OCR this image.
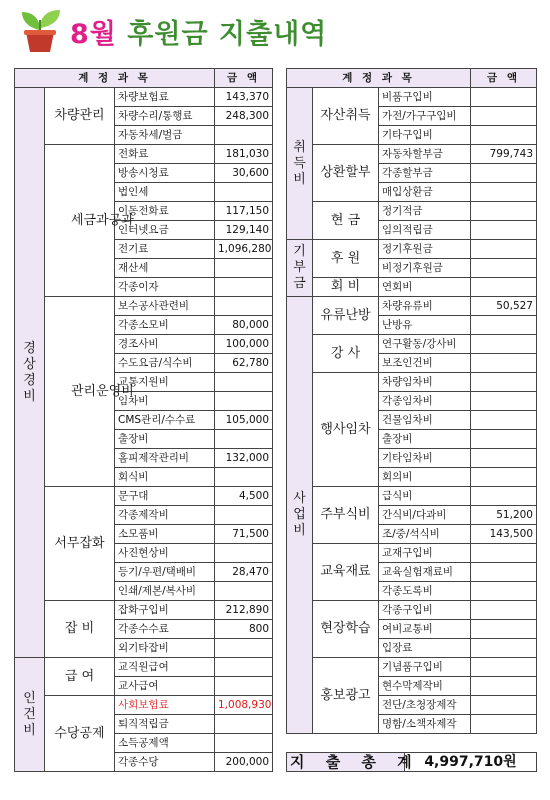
8월 후원금 지출내역
계 정 과 목			금 액
경상경비	차량관리	차량보험료	143,370
		차량수리/통행료	248,300
		자동차세/벌금	
	세금과공과	전화료	181,030
		방송시청료	30,600
		법인세	
		이동전화료	117,150
		인터넷요금	129,140
		전기료	1,096,280
		재산세	
		각종이자	
	관리운영비	보수공사관련비	
		각종소모비	80,000
		경조사비	100,000
		수도요금/식수비	62,780
		교통지원비	
		임차비	
		CMS관리/수수료	105,000
		출장비	
		홈피제작관리비	132,000
		회식비	
	서무잡화	문구대	4,500
		각종제작비	
		소모품비	71,500
		사진현상비	
		등기/우편/택배비	28,470
		인쇄/제본/복사비	
	잡 비	잡화구입비	212,890
		각종수수료	800
		외기타잡비	
인건비	급 여	교직원급여	
		교사급여	
	수당공제	사회보험료	1,008,930
		퇴직적립금	
		소득공제액	
		각종수당	200,000
계 정 과 목			금 액
취득비	자산취득	비품구입비	
		가전/가구구입비	
		기타구입비	
	상환할부	자동차할부금	799,743
		각종할부금	
		매입상환금	
	현 금	정기적금	
		임의적립금	
기부금	후 원	정기후원금	
		비정기후원금	
	회 비	연회비	
사업비	유류난방	차량유류비	50,527
		난방유	
	강 사	연구활동/강사비	
		보조인건비	
	행사임차	차량임차비	
		각종임차비	
		건물임차비	
		출장비	
		기타임차비	
		회의비	
	주부식비	급식비	
		간식비/다과비	51,200
		조/중/석식비	143,500
	교육재료	교재구입비	
		교육실험재료비	
		각종도록비	
	현장학습	각종구입비	
		여비교통비	
		입장료	
	홍보광고	기념품구입비	
		현수막제작비	
		전단/초청장제작	
		명함/소책자제작	
지 출 총 계	4,997,710원
